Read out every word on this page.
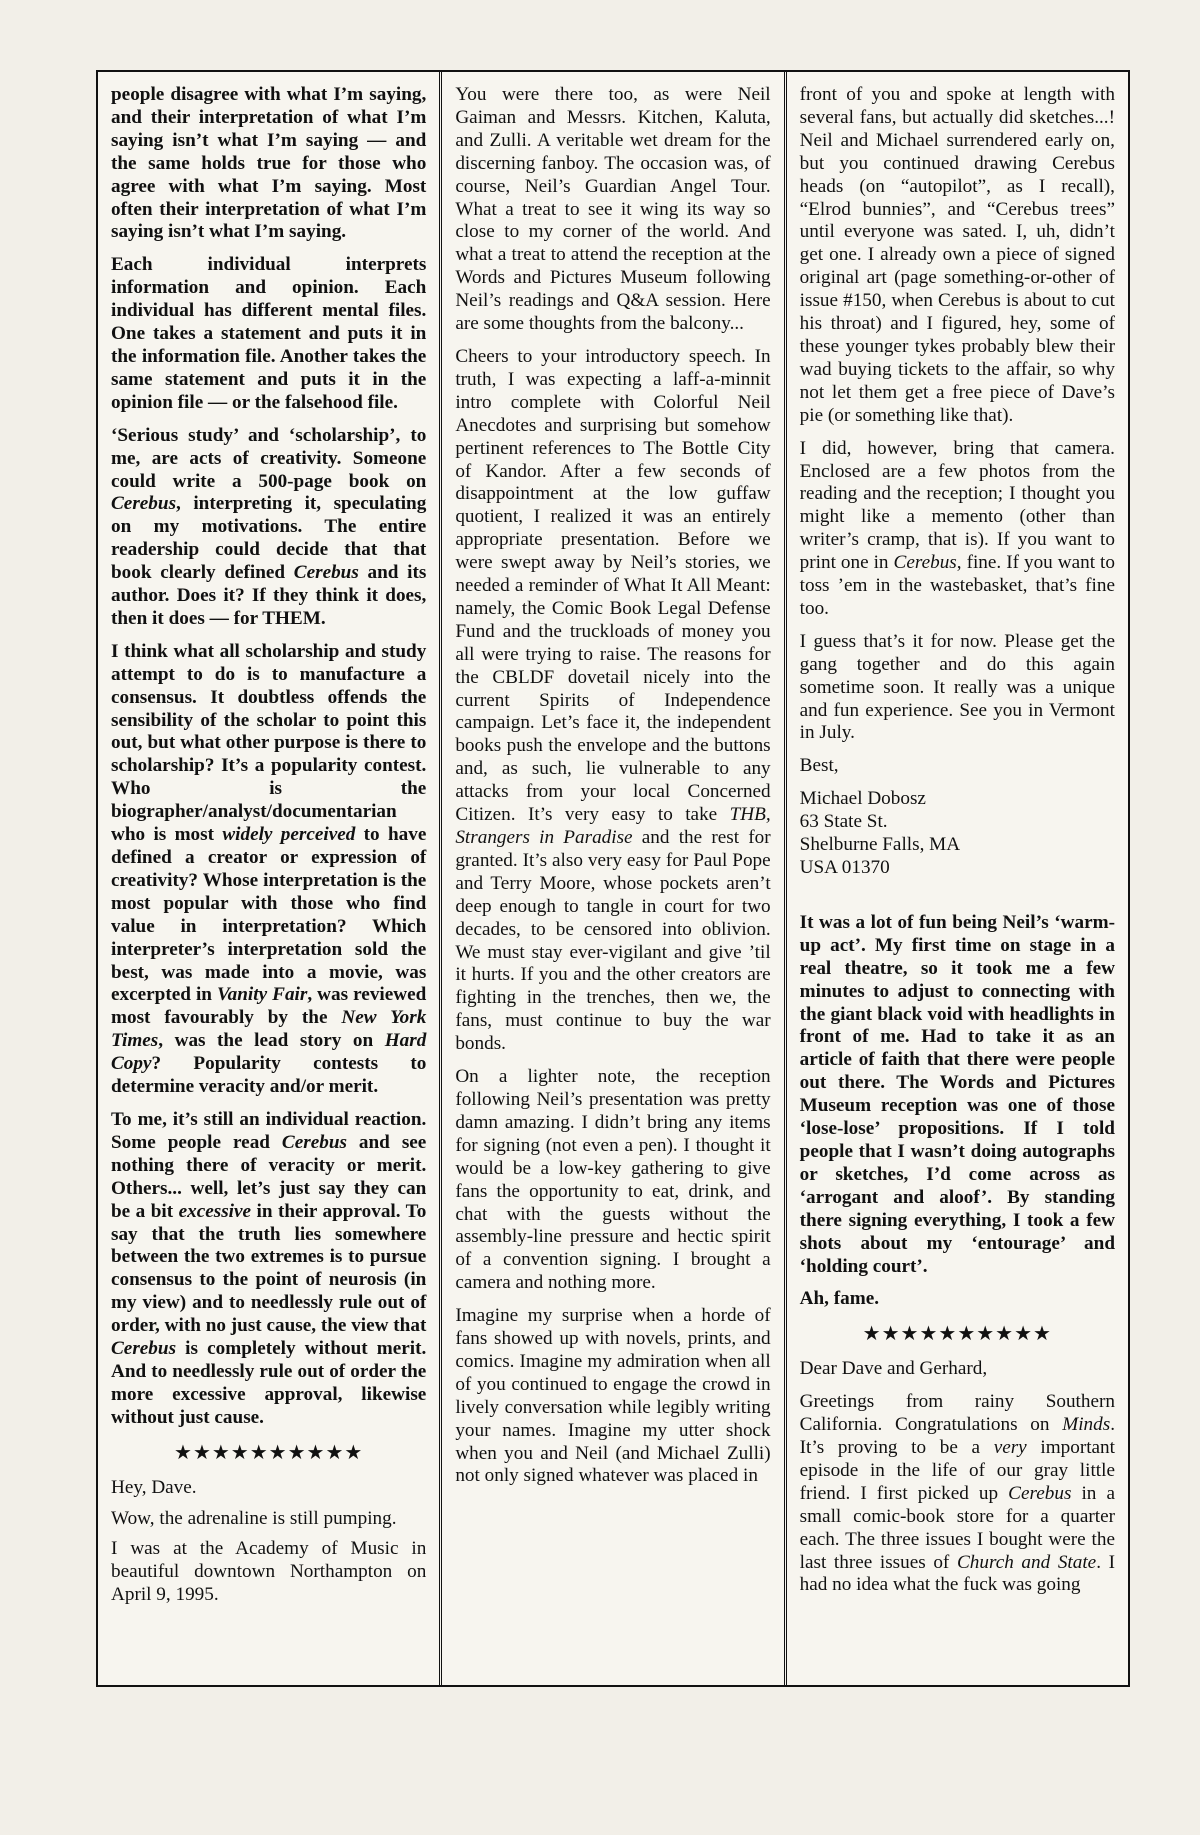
people disagree with what I’m saying, and their interpretation of what I’m saying isn’t what I’m saying — and the same holds true for those who agree with what I’m saying. Most often their interpretation of what I’m saying isn’t what I’m saying.

Each individual interprets information and opinion. Each individual has different mental files. One takes a statement and puts it in the information file. Another takes the same statement and puts it in the opinion file — or the falsehood file.

‘Serious study’ and ‘scholarship’, to me, are acts of creativity. Someone could write a 500-page book on Cerebus, interpreting it, speculating on my motivations. The entire readership could decide that that book clearly defined Cerebus and its author. Does it? If they think it does, then it does — for THEM.

I think what all scholarship and study attempt to do is to manufacture a consensus. It doubtless offends the sensibility of the scholar to point this out, but what other purpose is there to scholarship? It’s a popularity contest. Who is the biographer/analyst/documentarian who is most widely perceived to have defined a creator or expression of creativity? Whose interpretation is the most popular with those who find value in interpretation? Which interpreter’s interpretation sold the best, was made into a movie, was excerpted in Vanity Fair, was reviewed most favourably by the New York Times, was the lead story on Hard Copy? Popularity contests to determine veracity and/or merit.

To me, it’s still an individual reaction. Some people read Cerebus and see nothing there of veracity or merit. Others... well, let’s just say they can be a bit excessive in their approval. To say that the truth lies somewhere between the two extremes is to pursue consensus to the point of neurosis (in my view) and to needlessly rule out of order, with no just cause, the view that Cerebus is completely without merit. And to needlessly rule out of order the more excessive approval, likewise without just cause.

★★★★★★★★★★

Hey, Dave.

Wow, the adrenaline is still pumping.

I was at the Academy of Music in beautiful downtown Northampton on April 9, 1995.

You were there too, as were Neil Gaiman and Messrs. Kitchen, Kaluta, and Zulli. A veritable wet dream for the discerning fanboy. The occasion was, of course, Neil’s Guardian Angel Tour. What a treat to see it wing its way so close to my corner of the world. And what a treat to attend the reception at the Words and Pictures Museum following Neil’s readings and Q&A session. Here are some thoughts from the balcony...

Cheers to your introductory speech. In truth, I was expecting a laff-a-minnit intro complete with Colorful Neil Anecdotes and surprising but somehow pertinent references to The Bottle City of Kandor. After a few seconds of disappointment at the low guffaw quotient, I realized it was an entirely appropriate presentation. Before we were swept away by Neil’s stories, we needed a reminder of What It All Meant: namely, the Comic Book Legal Defense Fund and the truckloads of money you all were trying to raise. The reasons for the CBLDF dovetail nicely into the current Spirits of Independence campaign. Let’s face it, the independent books push the envelope and the buttons and, as such, lie vulnerable to any attacks from your local Concerned Citizen. It’s very easy to take THB, Strangers in Paradise and the rest for granted. It’s also very easy for Paul Pope and Terry Moore, whose pockets aren’t deep enough to tangle in court for two decades, to be censored into oblivion. We must stay ever-vigilant and give ’til it hurts. If you and the other creators are fighting in the trenches, then we, the fans, must continue to buy the war bonds.

On a lighter note, the reception following Neil’s presentation was pretty damn amazing. I didn’t bring any items for signing (not even a pen). I thought it would be a low-key gathering to give fans the opportunity to eat, drink, and chat with the guests without the assembly-line pressure and hectic spirit of a convention signing. I brought a camera and nothing more.

Imagine my surprise when a horde of fans showed up with novels, prints, and comics. Imagine my admiration when all of you continued to engage the crowd in lively conversation while legibly writing your names. Imagine my utter shock when you and Neil (and Michael Zulli) not only signed whatever was placed in

front of you and spoke at length with several fans, but actually did sketches...! Neil and Michael surrendered early on, but you continued drawing Cerebus heads (on “autopilot”, as I recall), “Elrod bunnies”, and “Cerebus trees” until everyone was sated. I, uh, didn’t get one. I already own a piece of signed original art (page something-or-other of issue #150, when Cerebus is about to cut his throat) and I figured, hey, some of these younger tykes probably blew their wad buying tickets to the affair, so why not let them get a free piece of Dave’s pie (or something like that).

I did, however, bring that camera. Enclosed are a few photos from the reading and the reception; I thought you might like a memento (other than writer’s cramp, that is). If you want to print one in Cerebus, fine. If you want to toss ’em in the wastebasket, that’s fine too.

I guess that’s it for now. Please get the gang together and do this again sometime soon. It really was a unique and fun experience. See you in Vermont in July.

Best,

Michael Dobosz

63 State St.

Shelburne Falls, MA

USA 01370

It was a lot of fun being Neil’s ‘warm-up act’. My first time on stage in a real theatre, so it took me a few minutes to adjust to connecting with the giant black void with headlights in front of me. Had to take it as an article of faith that there were people out there. The Words and Pictures Museum reception was one of those ‘lose-lose’ propositions. If I told people that I wasn’t doing autographs or sketches, I’d come across as ‘arrogant and aloof’. By standing there signing everything, I took a few shots about my ‘entourage’ and ‘holding court’.

Ah, fame.

★★★★★★★★★★

Dear Dave and Gerhard,

Greetings from rainy Southern California. Congratulations on Minds. It’s proving to be a very important episode in the life of our gray little friend. I first picked up Cerebus in a small comic-book store for a quarter each. The three issues I bought were the last three issues of Church and State. I had no idea what the fuck was going
